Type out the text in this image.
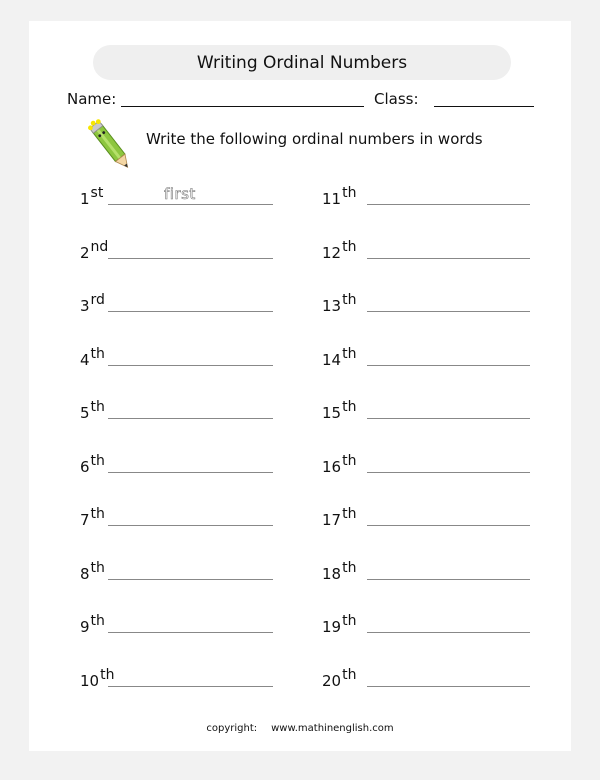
Writing Ordinal Numbers
Name:	Class:
Write the following ordinal numbers in words
1st	first
2nd
3rd
4th
5th
6th
7th
8th
9th
10th
11th
12th
13th
14th
15th
16th
17th
18th
19th
20th
copyright: www.mathinenglish.com
